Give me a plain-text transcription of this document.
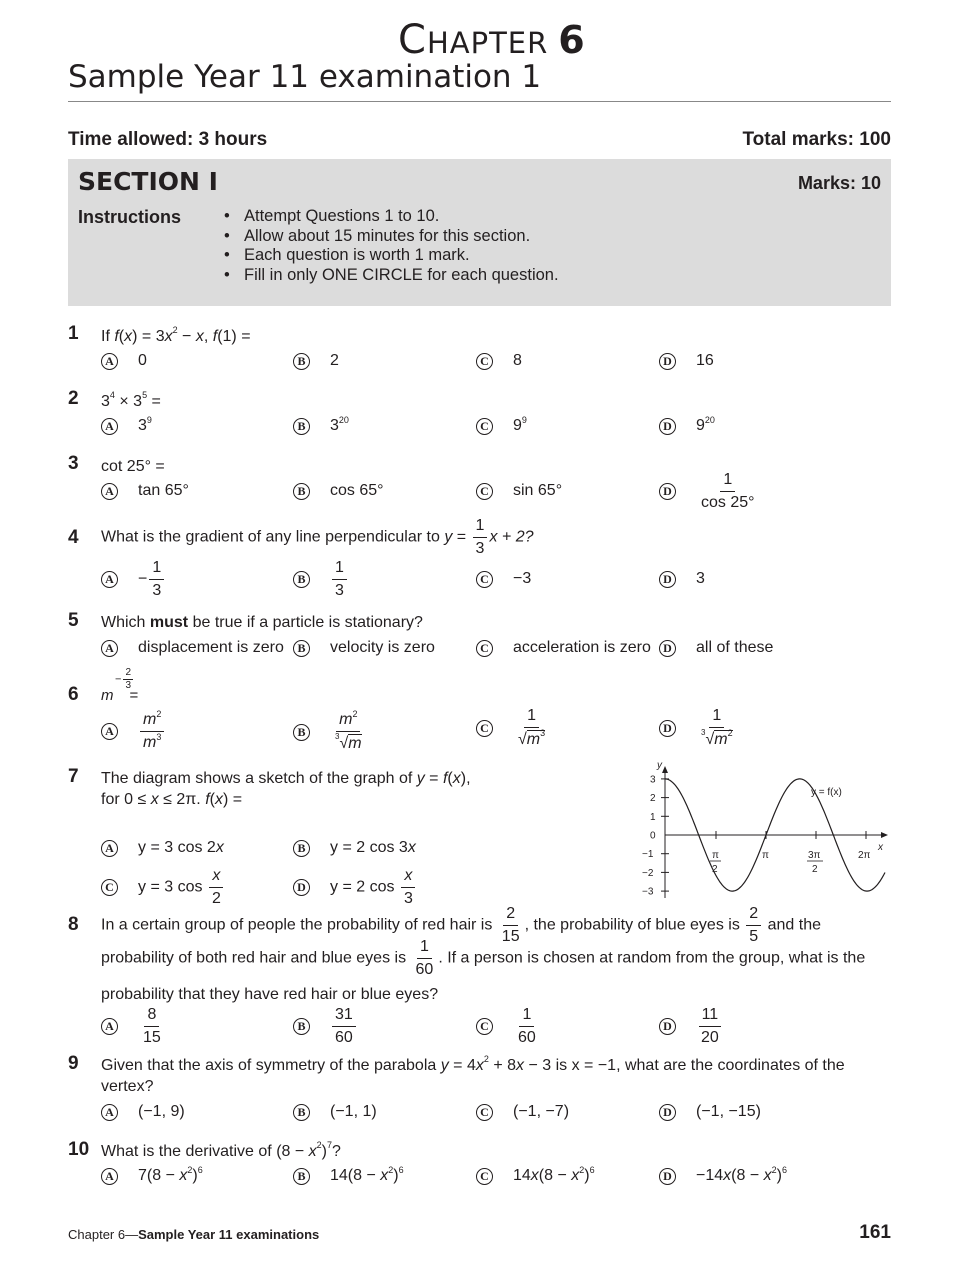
CHAPTER 6
Sample Year 11 examination 1
Time allowed: 3 hours	Total marks: 100
SECTION I	Marks: 10
Instructions
•	Attempt Questions 1 to 10.
• Allow about 15 minutes for this section.
• Each question is worth 1 mark.
• Fill in only ONE CIRCLE for each question.
1 If $f(x) = 3x^2 - x$, f(1) =
A 0	B 2	C 8	D 16
2 $3^4 \times 3^5$ =
A $3^9$	B $3^{20}$	C $9^9$	D $9^{20}$
3 cot 25° =
A tan 65°	B cos 65°	C sin 65°	D $\frac{1}{\cos 25^\circ}$
4 What is the gradient of any line perpendicular to $y = \frac{1}{3}$ x + 2?
$A - \frac{1}{3}$	B $\frac{1}{3}$	C −3	D 3
5 Which must be true if a particle is stationary?
A displacement is zero	B velocity is zero	C acceleration is zero	D all of these
6
− $\frac{2}{3}$
m =
A $\frac{m^2}{m^3}$	B $\frac{m^2}{^3√m}$	C $\frac{1}{√m^3}$	D $\frac{1}{^3√m^2}$
7 The diagram shows a sketch of the graph of y = f(x),
for 0 ≤ x ≤ 2π. f(x) =
A y = 3 cos 2x	B y = 2 cos 3x
C y = 3 $\cos \frac{x}{2}$	D y = 2 $\cos \frac{x}{3}$
y
x
3
2
1
0
−1
−2
−3
π
2
π	3π
2
2π
y = f(x)
8 In a certain group of people the probability of red hair is $\frac{2}{15}$ , the probability of blue eyes is $\frac{2}{5}$ and the
probability of both red hair and blue eyes is $\frac{1}{60}$ . If a person is chosen at random from the group, what is the
probability that they have red hair or blue eyes?
A $\frac{8}{15}$	B $\frac{31}{60}$	C $\frac{1}{60}$	D $\frac{11}{20}$
9 Given that the axis of symmetry of the parabola $y = 4x^2 + 8x - 3$ is x = −1, what are the coordinates of the
vertex?
A (−1, 9)	B (−1, 1)	C (−1, −7)	D (−1, −15)
10 What is the derivative of $(8 - x^2)^7$?
A $7(8 - x^2)^6$	B $14(8 - x^2)^6$	C $14x(8 - x^2)^6$	$D -14x(8 - x^2)^6$
Chapter 6—Sample Year 11 examinations	161
